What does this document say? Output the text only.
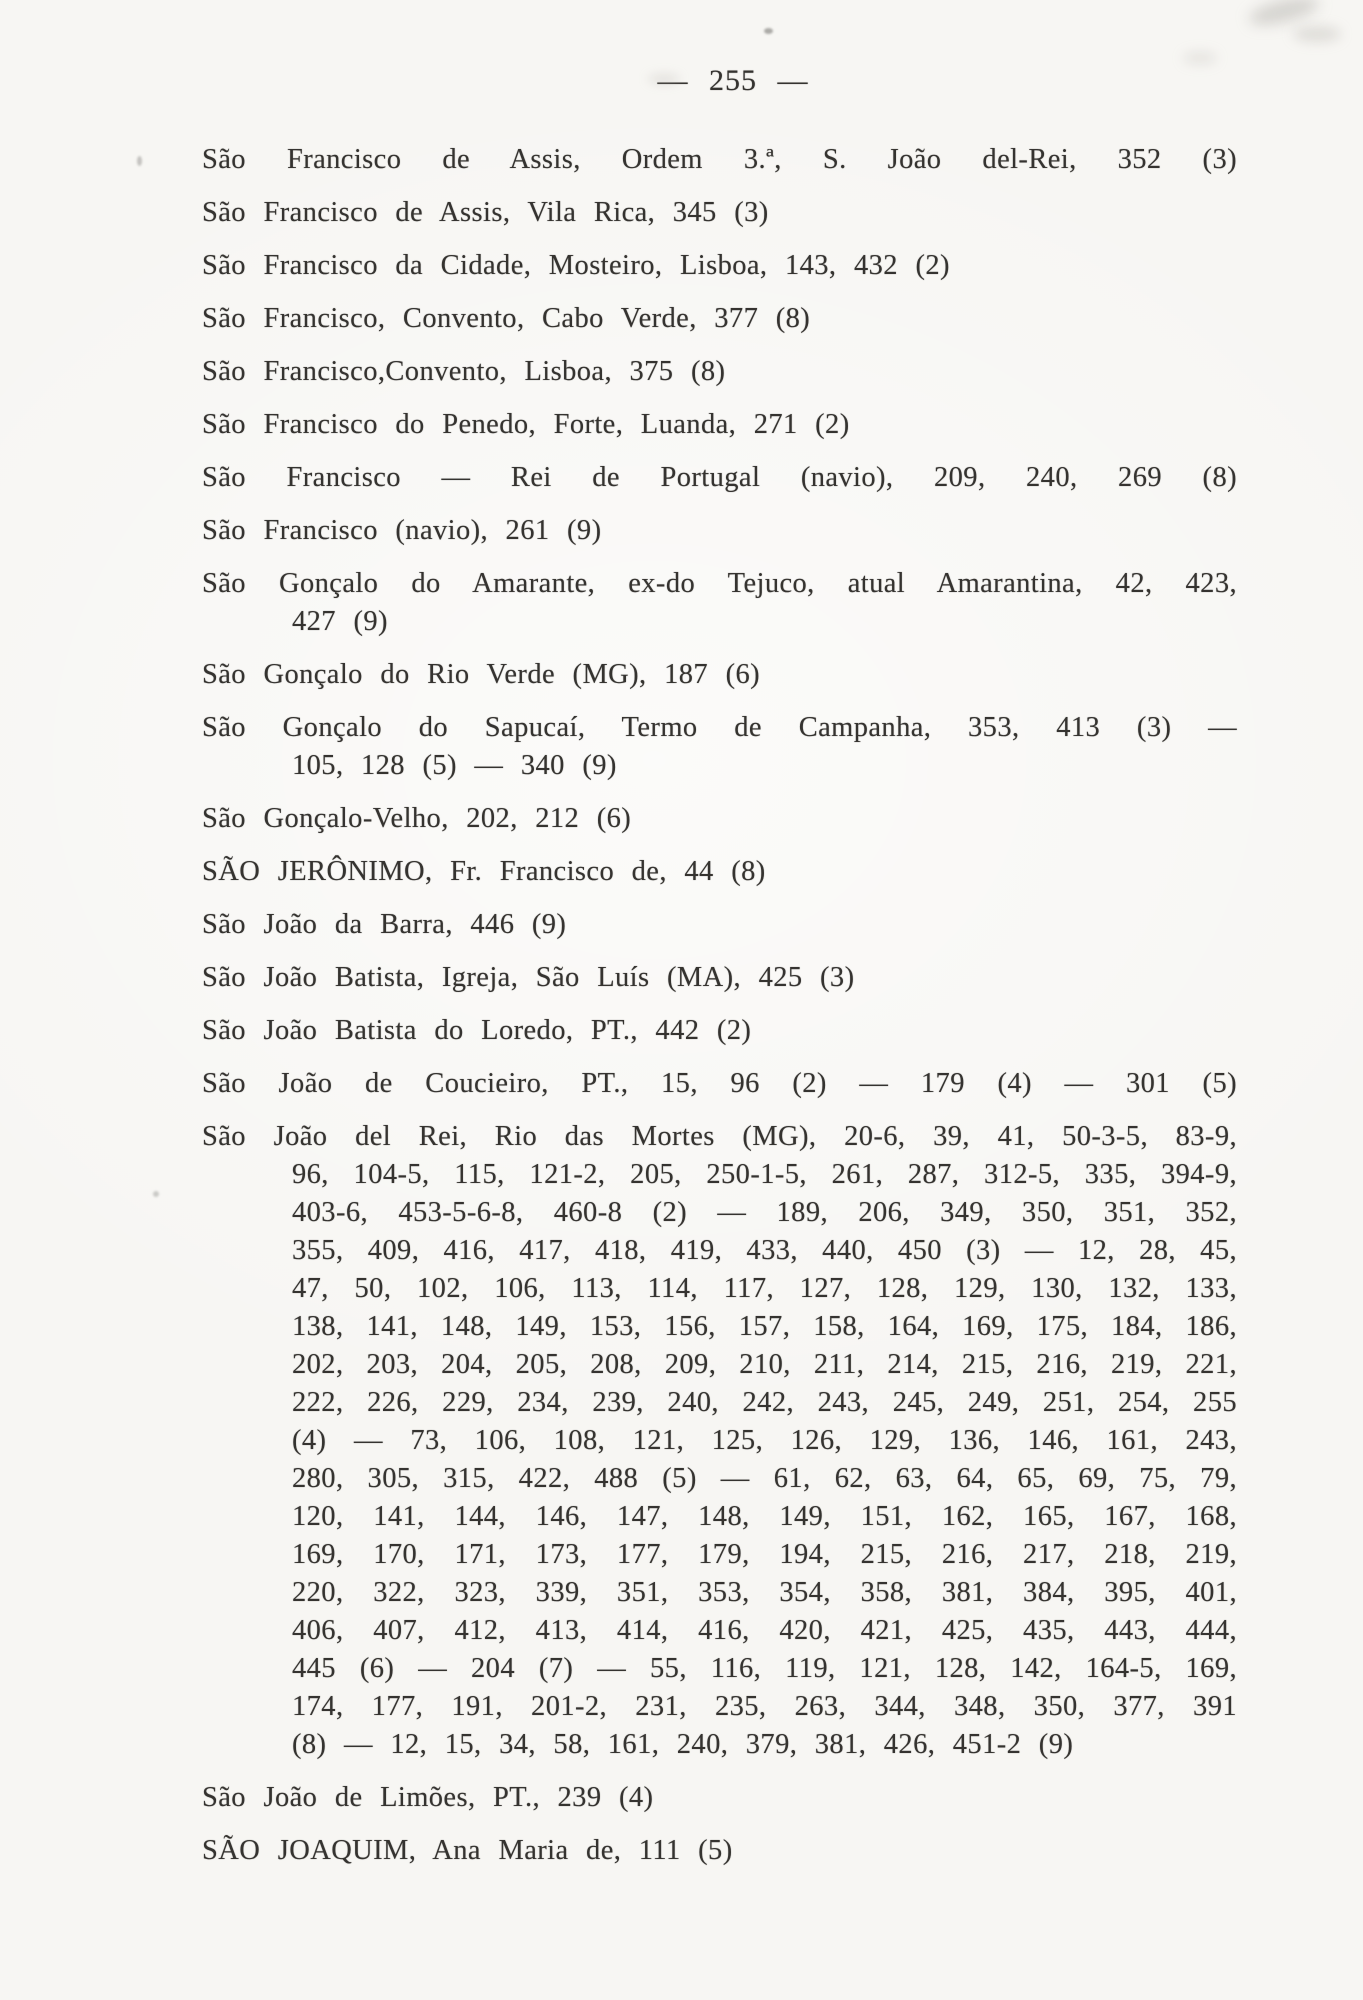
— 255 —
São Francisco de Assis, Ordem 3.ª, S. João del-Rei, 352 (3)
São Francisco de Assis, Vila Rica, 345 (3)
São Francisco da Cidade, Mosteiro, Lisboa, 143, 432 (2)
São Francisco, Convento, Cabo Verde, 377 (8)
São Francisco,Convento, Lisboa, 375 (8)
São Francisco do Penedo, Forte, Luanda, 271 (2)
São Francisco — Rei de Portugal (navio), 209, 240, 269 (8)
São Francisco (navio), 261 (9)
São Gonçalo do Amarante, ex-do Tejuco, atual Amarantina, 42, 423,
427 (9)
São Gonçalo do Rio Verde (MG), 187 (6)
São Gonçalo do Sapucaí, Termo de Campanha, 353, 413 (3) —
105, 128 (5) — 340 (9)
São Gonçalo-Velho, 202, 212 (6)
SÃO JERÔNIMO, Fr. Francisco de, 44 (8)
São João da Barra, 446 (9)
São João Batista, Igreja, São Luís (MA), 425 (3)
São João Batista do Loredo, PT., 442 (2)
São João de Coucieiro, PT., 15, 96 (2) — 179 (4) — 301 (5)
São João del Rei, Rio das Mortes (MG), 20-6, 39, 41, 50-3-5, 83-9,
96, 104-5, 115, 121-2, 205, 250-1-5, 261, 287, 312-5, 335, 394-9,
403-6, 453-5-6-8, 460-8 (2) — 189, 206, 349, 350, 351, 352,
355, 409, 416, 417, 418, 419, 433, 440, 450 (3) — 12, 28, 45,
47, 50, 102, 106, 113, 114, 117, 127, 128, 129, 130, 132, 133,
138, 141, 148, 149, 153, 156, 157, 158, 164, 169, 175, 184, 186,
202, 203, 204, 205, 208, 209, 210, 211, 214, 215, 216, 219, 221,
222, 226, 229, 234, 239, 240, 242, 243, 245, 249, 251, 254, 255
(4) — 73, 106, 108, 121, 125, 126, 129, 136, 146, 161, 243,
280, 305, 315, 422, 488 (5) — 61, 62, 63, 64, 65, 69, 75, 79,
120, 141, 144, 146, 147, 148, 149, 151, 162, 165, 167, 168,
169, 170, 171, 173, 177, 179, 194, 215, 216, 217, 218, 219,
220, 322, 323, 339, 351, 353, 354, 358, 381, 384, 395, 401,
406, 407, 412, 413, 414, 416, 420, 421, 425, 435, 443, 444,
445 (6) — 204 (7) — 55, 116, 119, 121, 128, 142, 164-5, 169,
174, 177, 191, 201-2, 231, 235, 263, 344, 348, 350, 377, 391
(8) — 12, 15, 34, 58, 161, 240, 379, 381, 426, 451-2 (9)
São João de Limões, PT., 239 (4)
SÃO JOAQUIM, Ana Maria de, 111 (5)
